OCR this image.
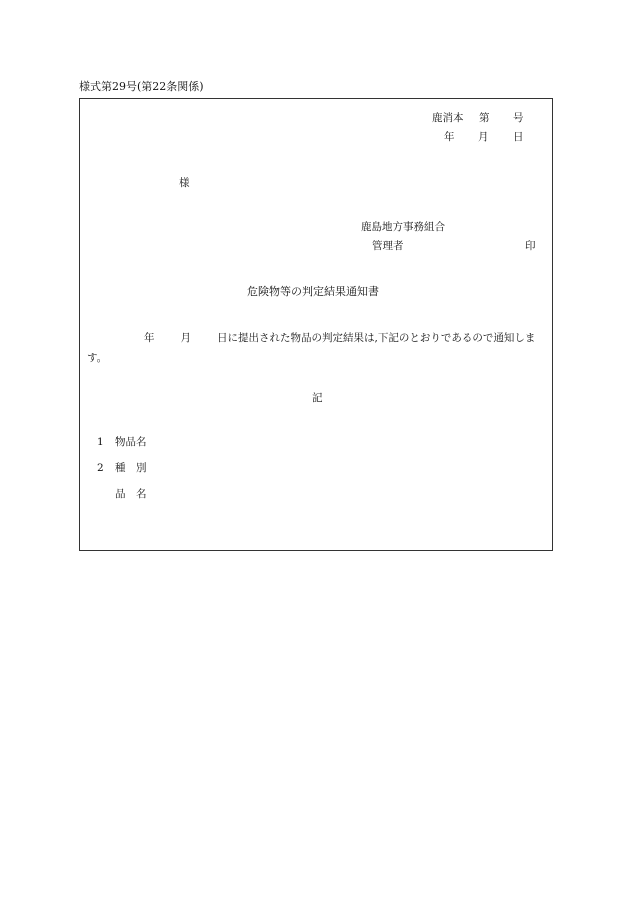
様式第29号(第22条関係)
鹿消本 第 号
年 月 日
様
鹿島地方事務組合
管理者	印
危険物等の判定結果通知書
年 月 日に提出された物品の判定結果は,下記のとおりであるので通知します。
記
1 物品名
2 種　別
品　名
